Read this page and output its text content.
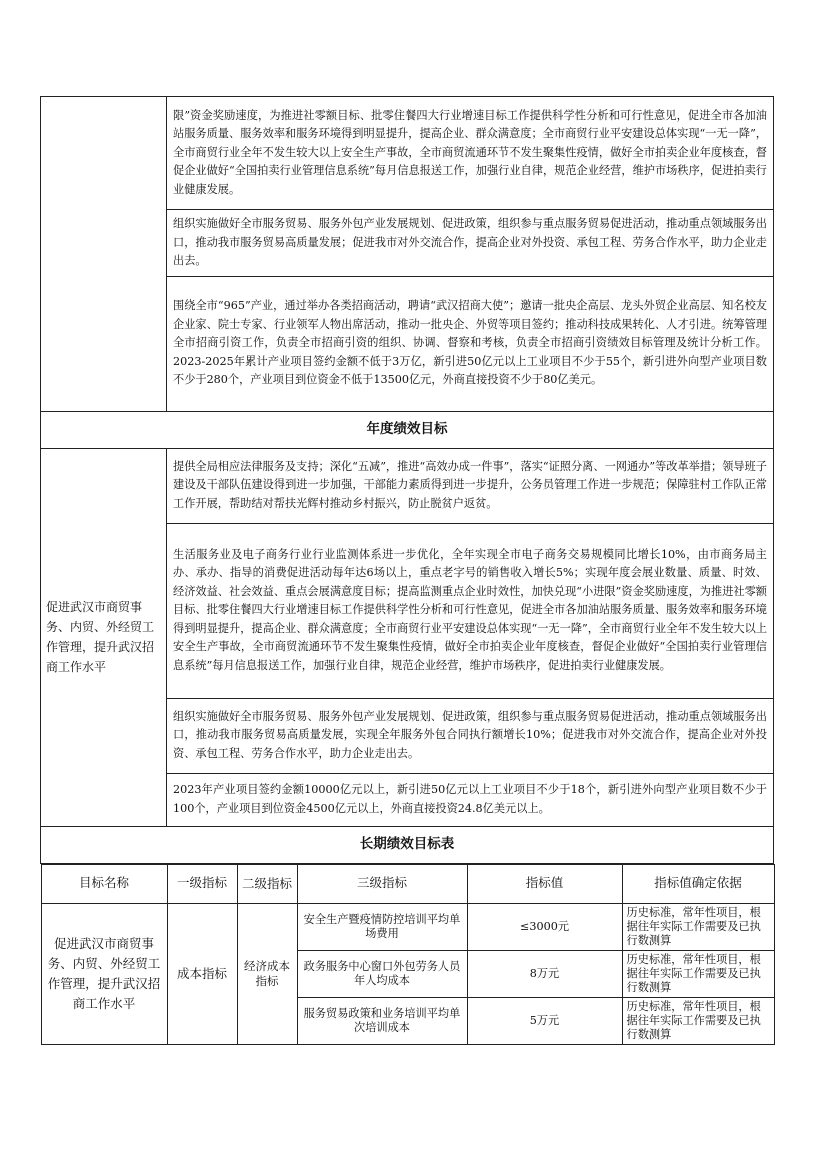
	限”资金奖励速度，为推进社零额目标、批零住餐四大行业增速目标工作提供科学性分析和可行性意见，促进全市各加油站服务质量、服务效率和服务环境得到明显提升，提高企业、群众满意度；全市商贸行业平安建设总体实现“一无一降”，全市商贸行业全年不发生较大以上安全生产事故，全市商贸流通环节不发生聚集性疫情，做好全市拍卖企业年度核查，督促企业做好“全国拍卖行业管理信息系统”每月信息报送工作，加强行业自律，规范企业经营，维护市场秩序，促进拍卖行业健康发展。
组织实施做好全市服务贸易、服务外包产业发展规划、促进政策，组织参与重点服务贸易促进活动，推动重点领域服务出口，推动我市服务贸易高质量发展；促进我市对外交流合作，提高企业对外投资、承包工程、劳务合作水平，助力企业走出去。
围绕全市“965”产业，通过举办各类招商活动，聘请“武汉招商大使”；邀请一批央企高层、龙头外贸企业高层、知名校友企业家、院士专家、行业领军人物出席活动，推动一批央企、外贸等项目签约；推动科技成果转化、人才引进。统筹管理全市招商引资工作，负责全市招商引资的组织、协调、督察和考核，负责全市招商引资绩效目标管理及统计分析工作。2023-2025年累计产业项目签约金额不低于3万亿，新引进50亿元以上工业项目不少于55个，新引进外向型产业项目数不少于280个，产业项目到位资金不低于13500亿元，外商直接投资不少于80亿美元。
年度绩效目标
促进武汉市商贸事务、内贸、外经贸工作管理，提升武汉招商工作水平	提供全局相应法律服务及支持；深化“五减”，推进“高效办成一件事”，落实“证照分离、一网通办”等改革举措；领导班子建设及干部队伍建设得到进一步加强，干部能力素质得到进一步提升，公务员管理工作进一步规范；保障驻村工作队正常工作开展，帮助结对帮扶光辉村推动乡村振兴，防止脱贫户返贫。
生活服务业及电子商务行业行业监测体系进一步优化，全年实现全市电子商务交易规模同比增长10%，由市商务局主办、承办、指导的消费促进活动每年达6场以上，重点老字号的销售收入增长5%；实现年度会展业数量、质量、时效、经济效益、社会效益、重点会展满意度目标；提高监测重点企业时效性，加快兑现“小进限”资金奖励速度，为推进社零额目标、批零住餐四大行业增速目标工作提供科学性分析和可行性意见，促进全市各加油站服务质量、服务效率和服务环境得到明显提升，提高企业、群众满意度；全市商贸行业平安建设总体实现“一无一降”，全市商贸行业全年不发生较大以上安全生产事故，全市商贸流通环节不发生聚集性疫情，做好全市拍卖企业年度核查，督促企业做好“全国拍卖行业管理信息系统”每月信息报送工作，加强行业自律，规范企业经营，维护市场秩序，促进拍卖行业健康发展。
组织实施做好全市服务贸易、服务外包产业发展规划、促进政策，组织参与重点服务贸易促进活动，推动重点领域服务出口，推动我市服务贸易高质量发展，实现全年服务外包合同执行额增长10%；促进我市对外交流合作，提高企业对外投资、承包工程、劳务合作水平，助力企业走出去。
2023年产业项目签约金额10000亿元以上，新引进50亿元以上工业项目不少于18个，新引进外向型产业项目数不少于100个，产业项目到位资金4500亿元以上，外商直接投资24.8亿美元以上。
长期绩效目标表

目标名称	一级指标	二级指标	三级指标	指标值	指标值确定依据
促进武汉市商贸事务、内贸、外经贸工作管理，提升武汉招商工作水平	成本指标	经济成本指标	安全生产暨疫情防控培训平均单场费用	≤3000元	历史标准，常年性项目，根据往年实际工作需要及已执行数测算
政务服务中心窗口外包劳务人员年人均成本	8万元	历史标准，常年性项目，根据往年实际工作需要及已执行数测算
服务贸易政策和业务培训平均单次培训成本	5万元	历史标准，常年性项目，根据往年实际工作需要及已执行数测算
